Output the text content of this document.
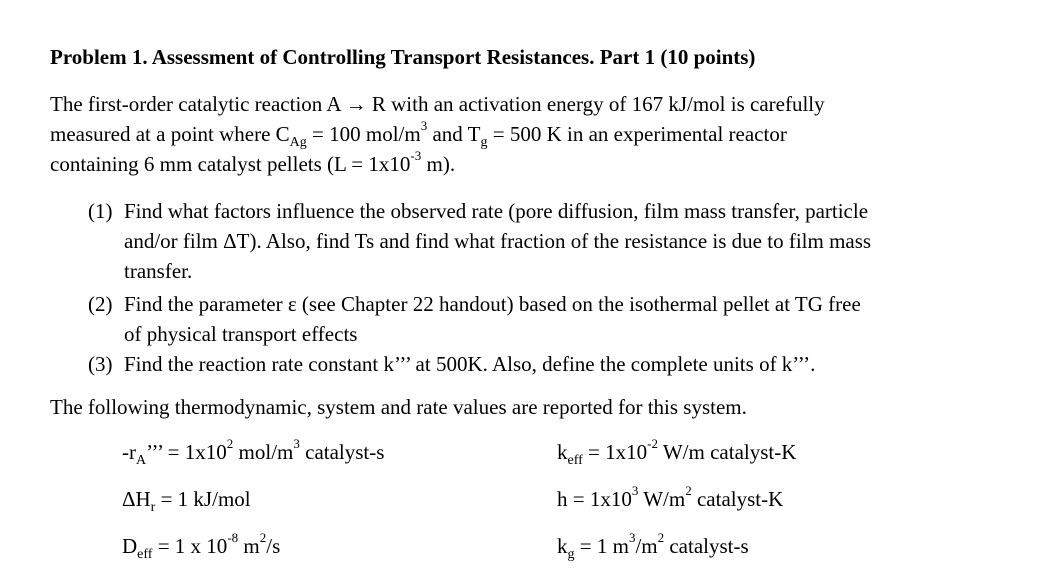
Problem 1. Assessment of Controlling Transport Resistances. Part 1 (10 points)
The first-order catalytic reaction A → R with an activation energy of 167 kJ/mol is carefully
measured at a point where $C_{Ag} = 100$ mol/$m^3$ and $T_g = 500$ K in an experimental reactor
containing 6 mm catalyst pellets ($L = 1x10^{-3}$ m).
(1) Find what factors influence the observed rate (pore diffusion, film mass transfer, particle
and/or film ΔT). Also, find Ts and find what fraction of the resistance is due to film mass
transfer.
(2) Find the parameter ε (see Chapter 22 handout) based on the isothermal pellet at TG free
of physical transport effects
(3) Find the reaction rate constant k’’’ at 500K. Also, define the complete units of k’’’.
The following thermodynamic, system and rate values are reported for this system.
$-r_A$’’’ = $1x10^2$ mol/$m^3$ catalyst-s	$k_{eff} = 1x10^{-2}$ W/m catalyst-K
$\Delta H_r = 1$ kJ/mol	$h = 1x10^3$ $W/m^2$ catalyst-K
$D_{eff} = 1$ x $10^{-8}$ $m^2/s$	$k_g = 1$ $m^3/m^2$ catalyst-s
